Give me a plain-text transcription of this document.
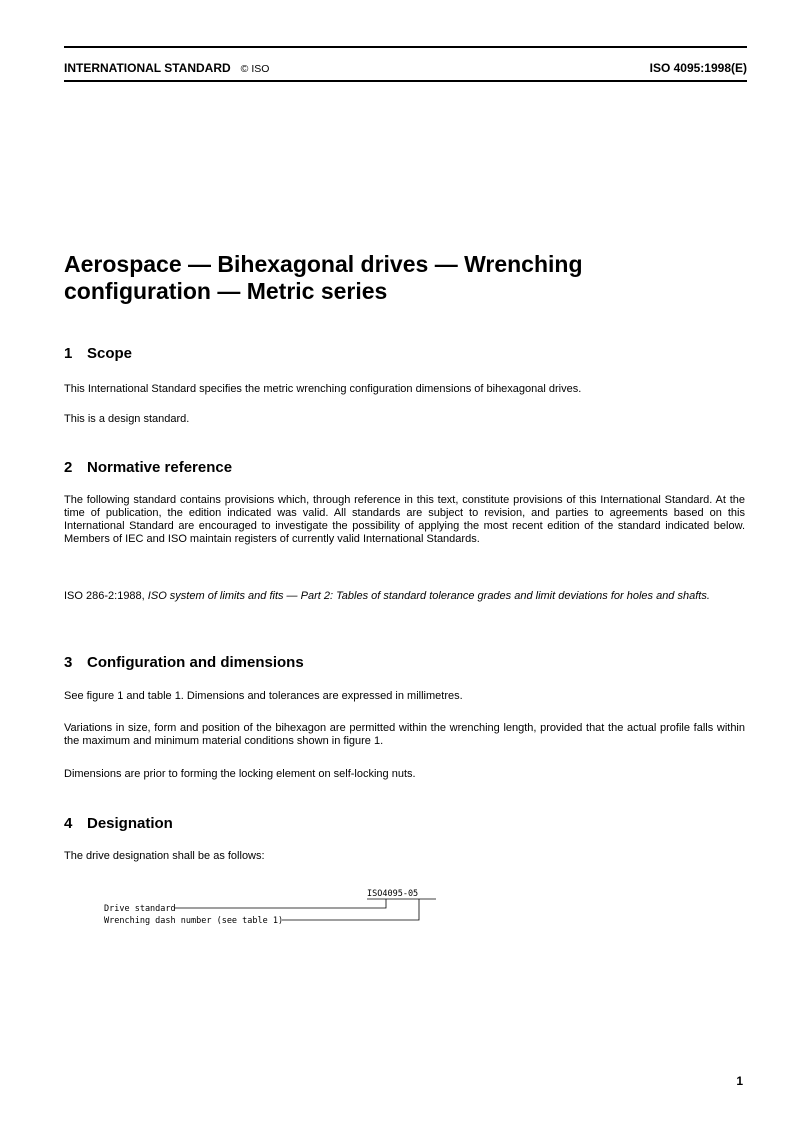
INTERNATIONAL STANDARD © ISO	ISO 4095:1998(E)
Aerospace — Bihexagonal drives — Wrenching
configuration — Metric series
1 Scope

This International Standard specifies the metric wrenching configuration dimensions of bihexagonal drives.

This is a design standard.

2 Normative reference

The following standard contains provisions which, through reference in this text, constitute provisions of this International Standard. At the time of publication, the edition indicated was valid. All standards are subject to revision, and parties to agreements based on this International Standard are encouraged to investigate the possibility of applying the most recent edition of the standard indicated below. Members of IEC and ISO maintain registers of currently valid International Standards.

ISO 286-2:1988, ISO system of limits and fits — Part 2: Tables of standard tolerance grades and limit deviations for holes and shafts.

3 Configuration and dimensions

See figure 1 and table 1. Dimensions and tolerances are expressed in millimetres.

Variations in size, form and position of the bihexagon are permitted within the wrenching length, provided that the actual profile falls within the maximum and minimum material conditions shown in figure 1.

Dimensions are prior to forming the locking element on self-locking nuts.

4 Designation

The drive designation shall be as follows:

ISO4095-05
Drive standard
Wrenching dash number (see table 1)
1
